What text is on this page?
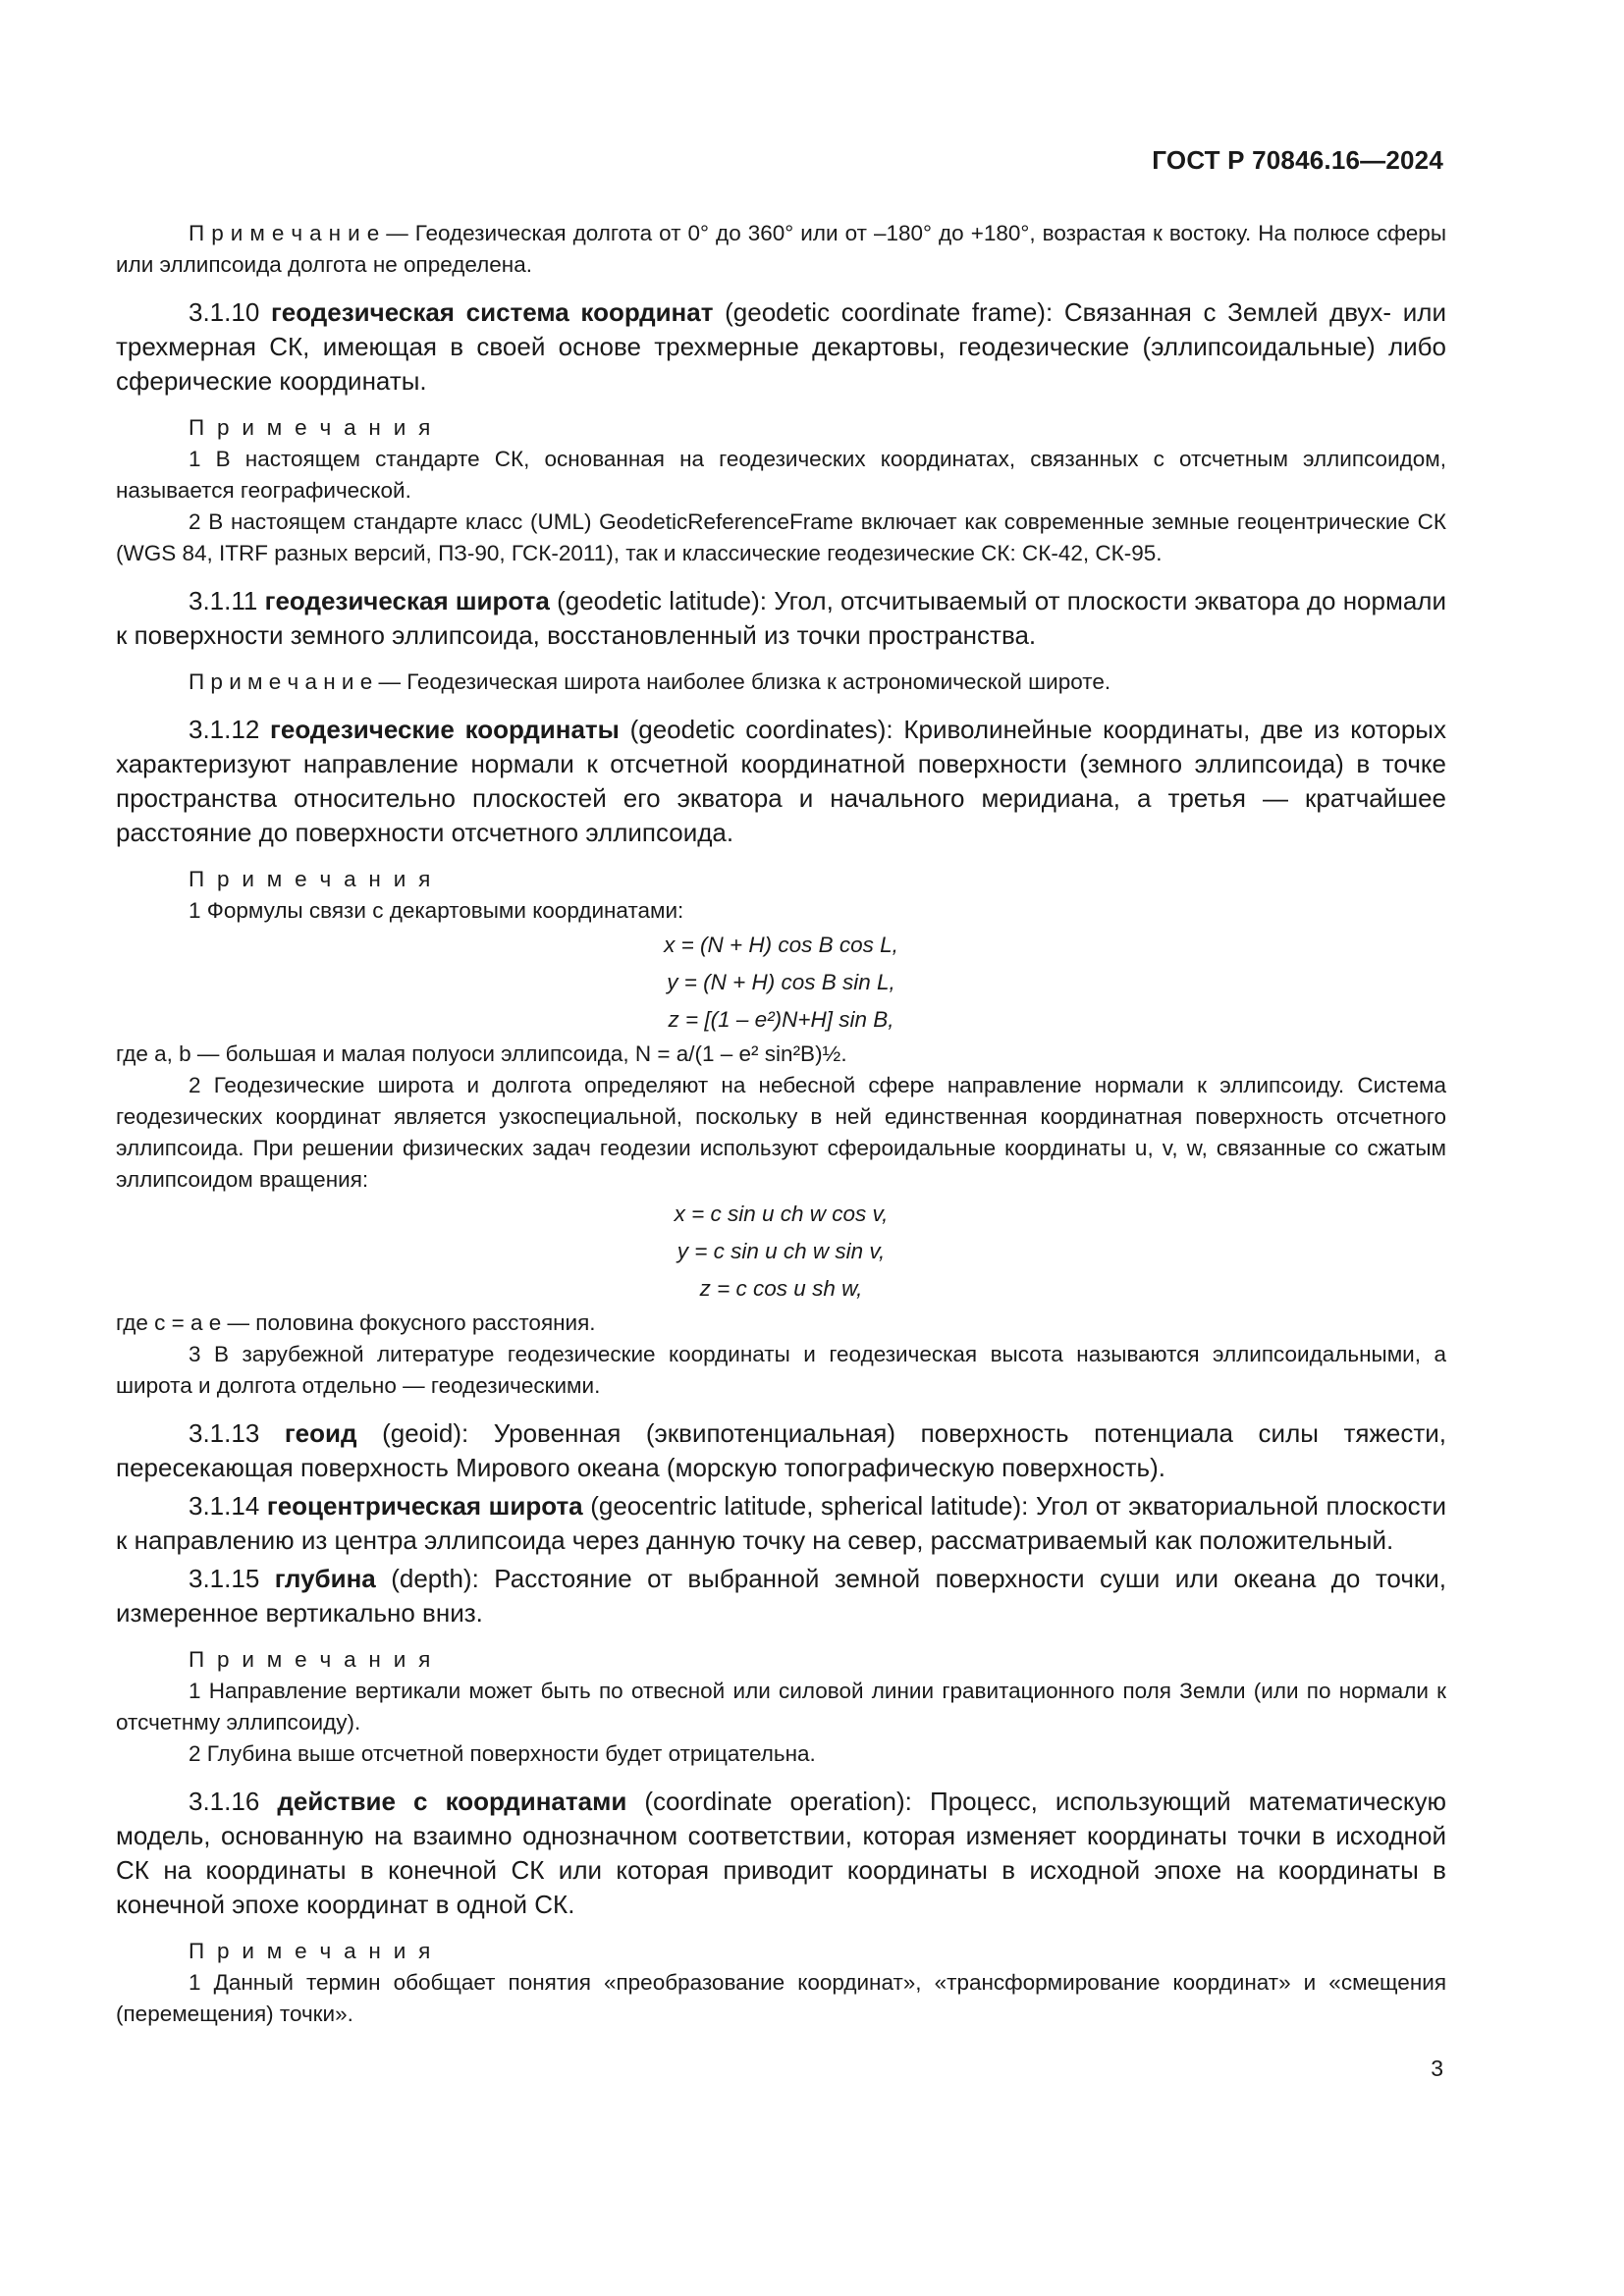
ГОСТ Р 70846.16—2024

П р и м е ч а н и е — Геодезическая долгота от 0° до 360° или от –180° до +180°, возрастая к востоку. На полюсе сферы или эллипсоида долгота не определена.

3.1.10 геодезическая система координат (geodetic coordinate frame): Связанная с Землей двух- или трехмерная СК, имеющая в своей основе трехмерные декартовы, геодезические (эллипсоидальные) либо сферические координаты.

П р и м е ч а н и я
1 В настоящем стандарте СК, основанная на геодезических координатах, связанных с отсчетным эллипсоидом, называется географической.
2 В настоящем стандарте класс (UML) GeodeticReferenceFrame включает как современные земные геоцентрические СК (WGS 84, ITRF разных версий, ПЗ-90, ГСК-2011), так и классические геодезические СК: СК-42, СК-95.

3.1.11 геодезическая широта (geodetic latitude): Угол, отсчитываемый от плоскости экватора до нормали к поверхности земного эллипсоида, восстановленный из точки пространства.

П р и м е ч а н и е — Геодезическая широта наиболее близка к астрономической широте.

3.1.12 геодезические координаты (geodetic coordinates): Криволинейные координаты, две из которых характеризуют направление нормали к отсчетной координатной поверхности (земного эллипсоида) в точке пространства относительно плоскостей его экватора и начального меридиана, а третья — кратчайшее расстояние до поверхности отсчетного эллипсоида.

П р и м е ч а н и я
1 Формулы связи с декартовыми координатами:
x = (N + H) cos B cos L,
y = (N + H) cos B sin L,
z = [(1 – e²)N+H] sin B,
где a, b — большая и малая полуоси эллипсоида, N = a/(1 – e² sin²B)½.
2 Геодезические широта и долгота определяют на небесной сфере направление нормали к эллипсоиду. Система геодезических координат является узкоспециальной, поскольку в ней единственная координатная поверхность отсчетного эллипсоида. При решении физических задач геодезии используют сфероидальные координаты u, v, w, связанные со сжатым эллипсоидом вращения:
x = c sin u ch w cos v,
y = c sin u ch w sin v,
z = c cos u sh w,
где c = a e — половина фокусного расстояния.
3 В зарубежной литературе геодезические координаты и геодезическая высота называются эллипсоидальными, а широта и долгота отдельно — геодезическими.

3.1.13 геоид (geoid): Уровенная (эквипотенциальная) поверхность потенциала силы тяжести, пересекающая поверхность Мирового океана (морскую топографическую поверхность).

3.1.14 геоцентрическая широта (geocentric latitude, spherical latitude): Угол от экваториальной плоскости к направлению из центра эллипсоида через данную точку на север, рассматриваемый как положительный.

3.1.15 глубина (depth): Расстояние от выбранной земной поверхности суши или океана до точки, измеренное вертикально вниз.

П р и м е ч а н и я
1 Направление вертикали может быть по отвесной или силовой линии гравитационного поля Земли (или по нормали к отсчетнму эллипсоиду).
2 Глубина выше отсчетной поверхности будет отрицательна.

3.1.16 действие с координатами (coordinate operation): Процесс, использующий математическую модель, основанную на взаимно однозначном соответствии, которая изменяет координаты точки в исходной СК на координаты в конечной СК или которая приводит координаты в исходной эпохе на координаты в конечной эпохе координат в одной СК.

П р и м е ч а н и я
1 Данный термин обобщает понятия «преобразование координат», «трансформирование координат» и «смещения (перемещения) точки».
3
